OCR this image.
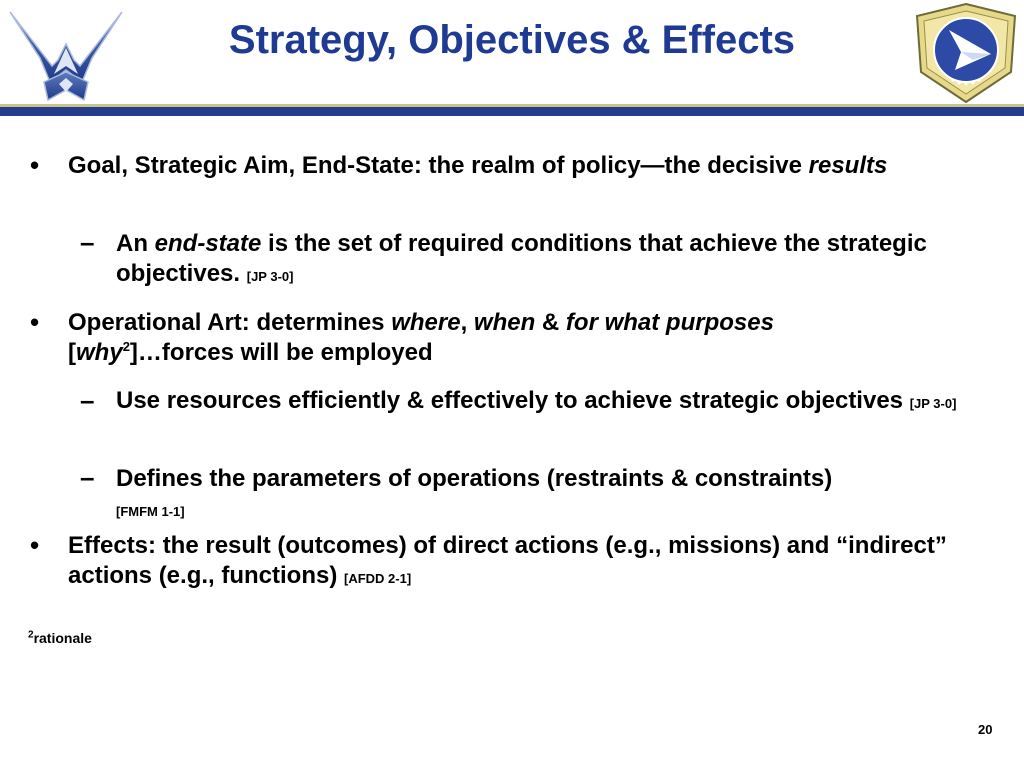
Strategy, Objectives & Effects
• Goal, Strategic Aim, End-State: the realm of policy—the decisive results
– An end-state is the set of required conditions that achieve the strategic objectives. [JP 3-0]
• Operational Art: determines where, when & for what purposes
[why$^2$]…forces will be employed
– Use resources efficiently & effectively to achieve strategic objectives [JP 3-0]
– Defines the parameters of operations (restraints & constraints)
[FMFM 1-1]
• Effects: the result (outcomes) of direct actions (e.g., missions) and “indirect” actions (e.g., functions) [AFDD 2-1]
$^2$rationale
20
